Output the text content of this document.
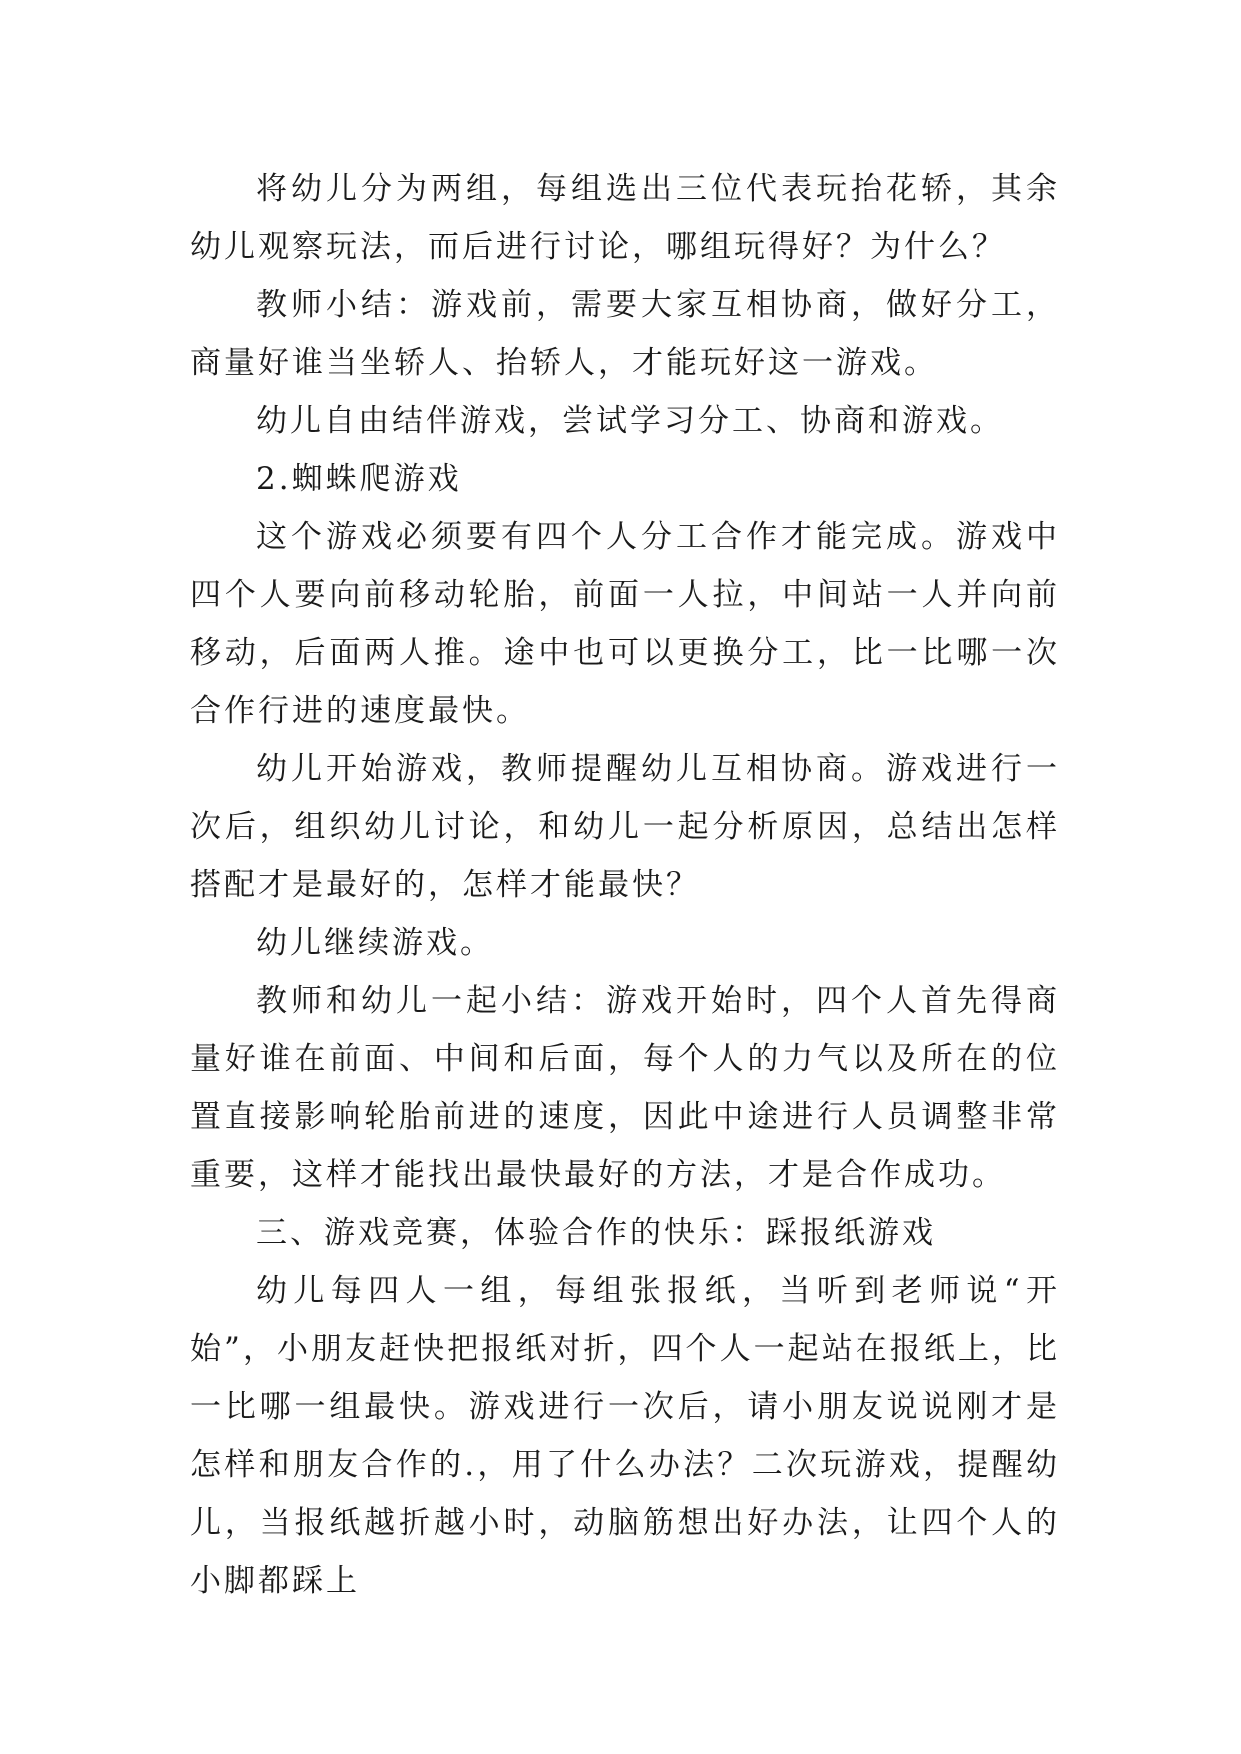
将幼儿分为两组，每组选出三位代表玩抬花轿，其余幼儿观察玩法，而后进行讨论，哪组玩得好？为什么？

教师小结：游戏前，需要大家互相协商，做好分工，商量好谁当坐轿人、抬轿人，才能玩好这一游戏。

幼儿自由结伴游戏，尝试学习分工、协商和游戏。

2.蜘蛛爬游戏

这个游戏必须要有四个人分工合作才能完成。游戏中四个人要向前移动轮胎，前面一人拉，中间站一人并向前移动，后面两人推。途中也可以更换分工，比一比哪一次合作行进的速度最快。

幼儿开始游戏，教师提醒幼儿互相协商。游戏进行一次后，组织幼儿讨论，和幼儿一起分析原因，总结出怎样搭配才是最好的，怎样才能最快？

幼儿继续游戏。

教师和幼儿一起小结：游戏开始时，四个人首先得商量好谁在前面、中间和后面，每个人的力气以及所在的位置直接影响轮胎前进的速度，因此中途进行人员调整非常重要，这样才能找出最快最好的方法，才是合作成功。

三、游戏竞赛，体验合作的快乐：踩报纸游戏

幼儿每四人一组，每组张报纸，当听到老师说“开始”，小朋友赶快把报纸对折，四个人一起站在报纸上，比一比哪一组最快。游戏进行一次后，请小朋友说说刚才是怎样和朋友合作的.，用了什么办法？二次玩游戏，提醒幼儿，当报纸越折越小时，动脑筋想出好办法，让四个人的小脚都踩上
